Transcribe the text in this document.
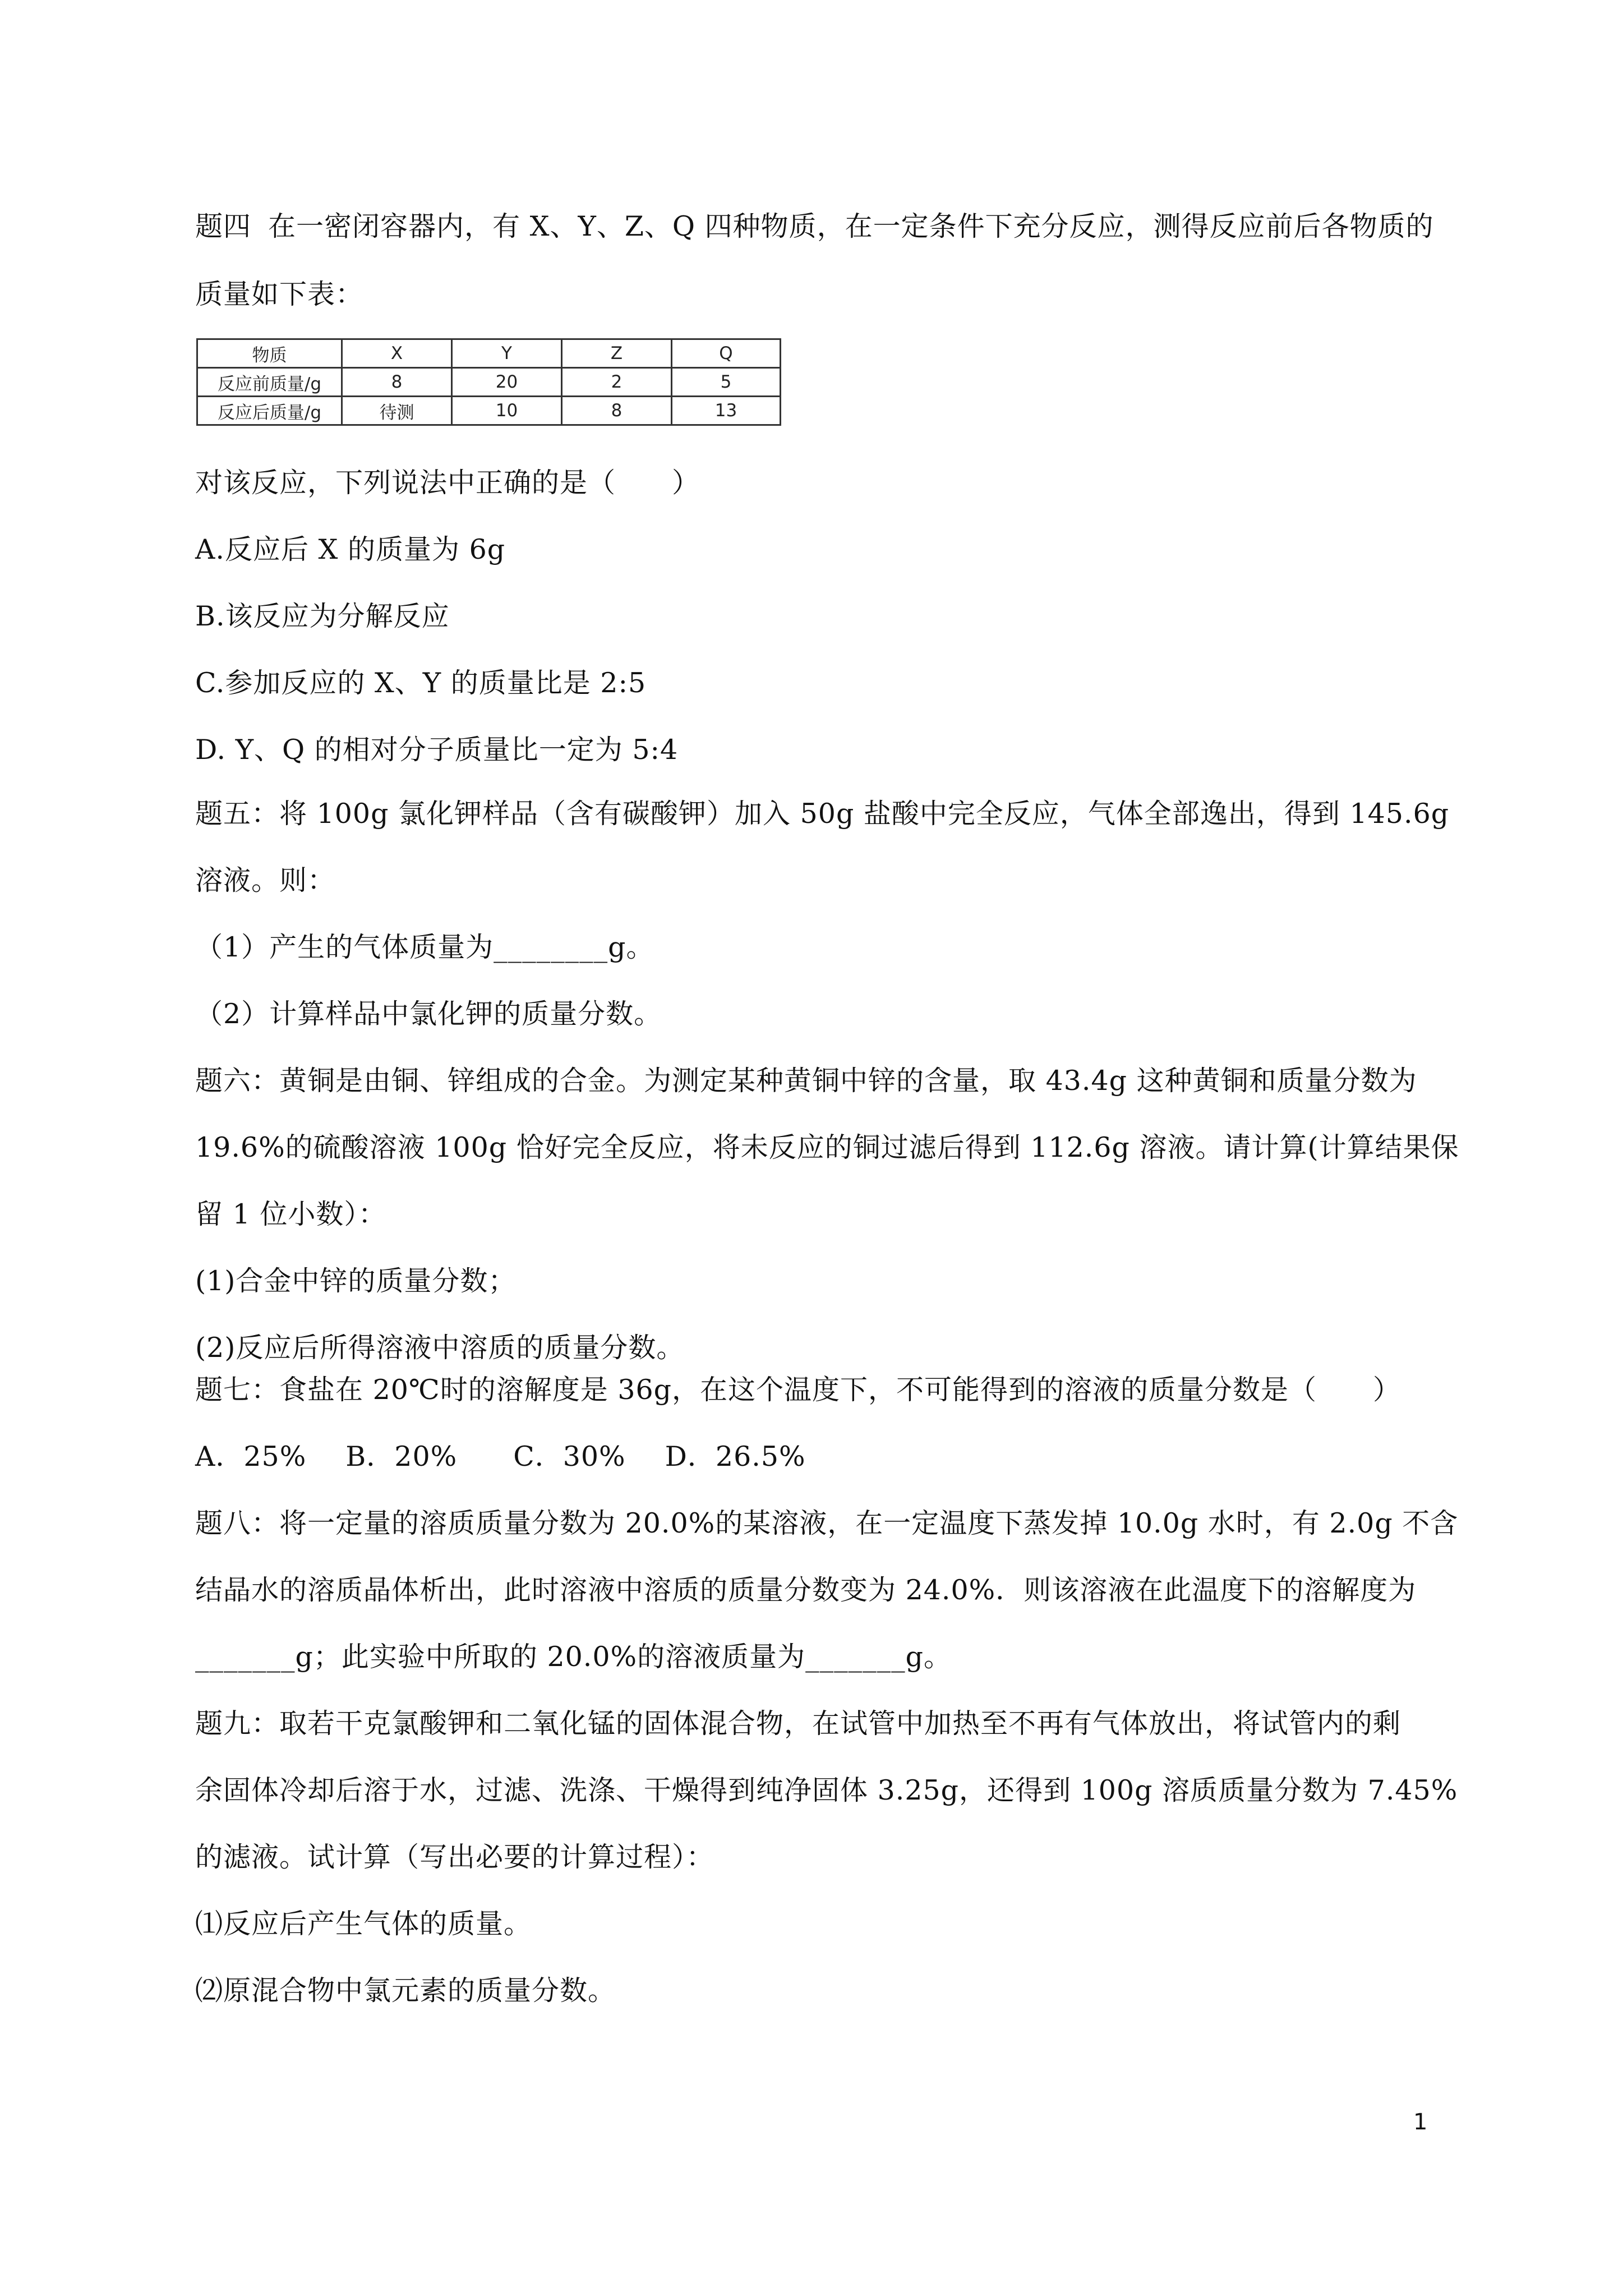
题四 在一密闭容器内，有 X、Y、Z、Q 四种物质，在一定条件下充分反应，测得反应前后各物质的
质量如下表：
物质	X	Y	Z	Q
反应前质量/g	8	20	2	5
反应后质量/g	待测	10	8	13
对该反应，下列说法中正确的是（　　）
A.反应后 X 的质量为 6g
B.该反应为分解反应
C.参加反应的 X、Y 的质量比是 2:5
D. Y、Q 的相对分子质量比一定为 5:4
题五：将 100g 氯化钾样品（含有碳酸钾）加入 50g 盐酸中完全反应，气体全部逸出，得到 145.6g
溶液。则：
（1）产生的气体质量为________g。
（2）计算样品中氯化钾的质量分数。
题六：黄铜是由铜、锌组成的合金。为测定某种黄铜中锌的含量，取 43.4g 这种黄铜和质量分数为
19.6%的硫酸溶液 100g 恰好完全反应，将未反应的铜过滤后得到 112.6g 溶液。请计算(计算结果保
留 1 位小数）：
(1)合金中锌的质量分数；
(2)反应后所得溶液中溶质的质量分数。
题七：食盐在 20℃时的溶解度是 36g，在这个温度下，不可能得到的溶液的质量分数是（　　）
A．25% B．20% C．30% D．26.5%
题八：将一定量的溶质质量分数为 20.0%的某溶液，在一定温度下蒸发掉 10.0g 水时，有 2.0g 不含
结晶水的溶质晶体析出，此时溶液中溶质的质量分数变为 24.0%．则该溶液在此温度下的溶解度为
_______g；此实验中所取的 20.0%的溶液质量为_______g。
题九：取若干克氯酸钾和二氧化锰的固体混合物，在试管中加热至不再有气体放出，将试管内的剩
余固体冷却后溶于水，过滤、洗涤、干燥得到纯净固体 3.25g，还得到 100g 溶质质量分数为 7.45%
的滤液。试计算（写出必要的计算过程）：
⑴反应后产生气体的质量。
⑵原混合物中氯元素的质量分数。
1
